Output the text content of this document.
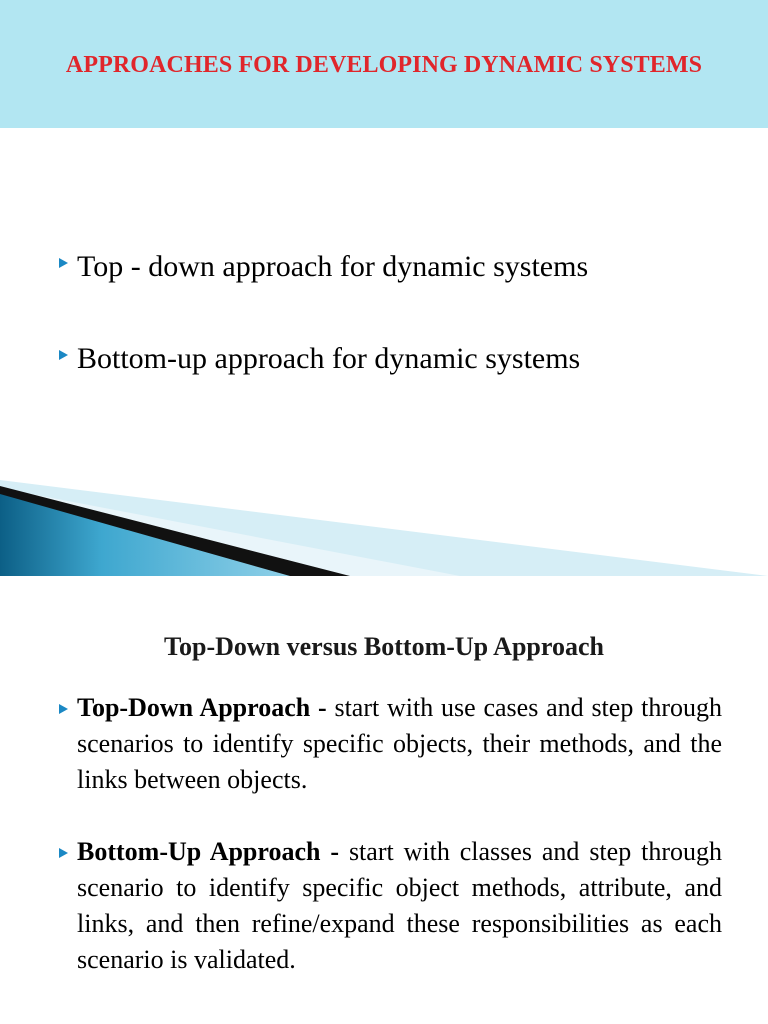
APPROACHES FOR DEVELOPING DYNAMIC SYSTEMS
Top - down approach for dynamic systems
Bottom-up approach for dynamic systems
Top-Down versus Bottom-Up Approach
Top-Down Approach - start with use cases and step through scenarios to identify specific objects, their methods, and the links between objects.
Bottom-Up Approach - start with classes and step through scenario to identify specific object methods, attribute, and links, and then refine/expand these responsibilities as each scenario is validated.
